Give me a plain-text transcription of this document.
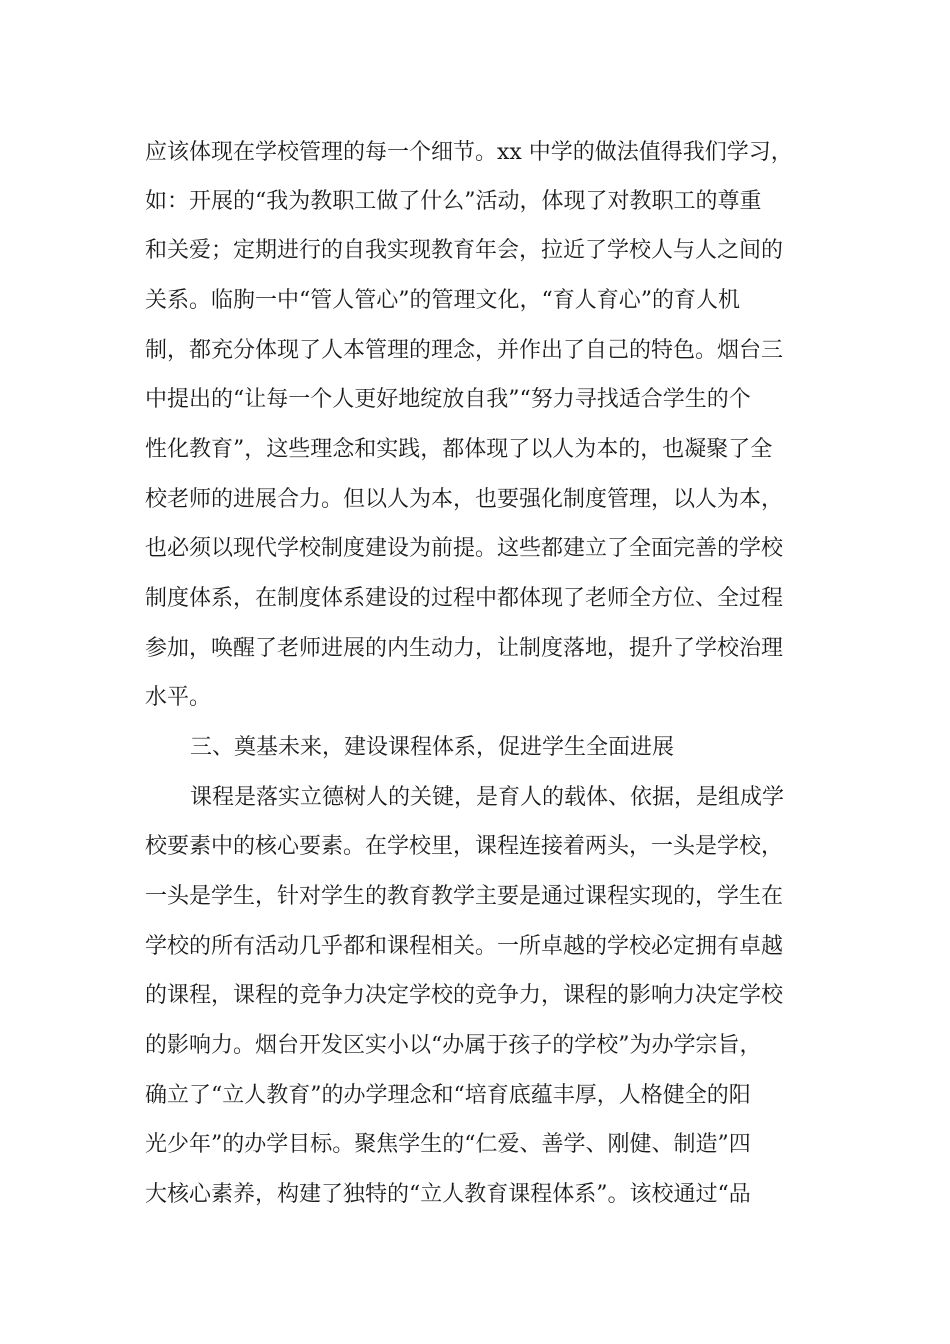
应该体现在学校管理的每一个细节。xx 中学的做法值得我们学习，
如：开展的“我为教职工做了什么”活动，体现了对教职工的尊重
和关爱；定期进行的自我实现教育年会，拉近了学校人与人之间的
关系。临朐一中“管人管心”的管理文化，“育人育心”的育人机
制，都充分体现了人本管理的理念，并作出了自己的特色。烟台三
中提出的“让每一个人更好地绽放自我”“努力寻找适合学生的个
性化教育”，这些理念和实践，都体现了以人为本的，也凝聚了全
校老师的进展合力。但以人为本，也要强化制度管理，以人为本，
也必须以现代学校制度建设为前提。这些都建立了全面完善的学校
制度体系，在制度体系建设的过程中都体现了老师全方位、全过程
参加，唤醒了老师进展的内生动力，让制度落地，提升了学校治理
水平。
三、奠基未来，建设课程体系，促进学生全面进展
课程是落实立德树人的关键，是育人的载体、依据，是组成学
校要素中的核心要素。在学校里，课程连接着两头，一头是学校，
一头是学生，针对学生的教育教学主要是通过课程实现的，学生在
学校的所有活动几乎都和课程相关。一所卓越的学校必定拥有卓越
的课程，课程的竞争力决定学校的竞争力，课程的影响力决定学校
的影响力。烟台开发区实小以“办属于孩子的学校”为办学宗旨，
确立了“立人教育”的办学理念和“培育底蕴丰厚，人格健全的阳
光少年”的办学目标。聚焦学生的“仁爱、善学、刚健、制造”四
大核心素养，构建了独特的“立人教育课程体系”。该校通过“品
